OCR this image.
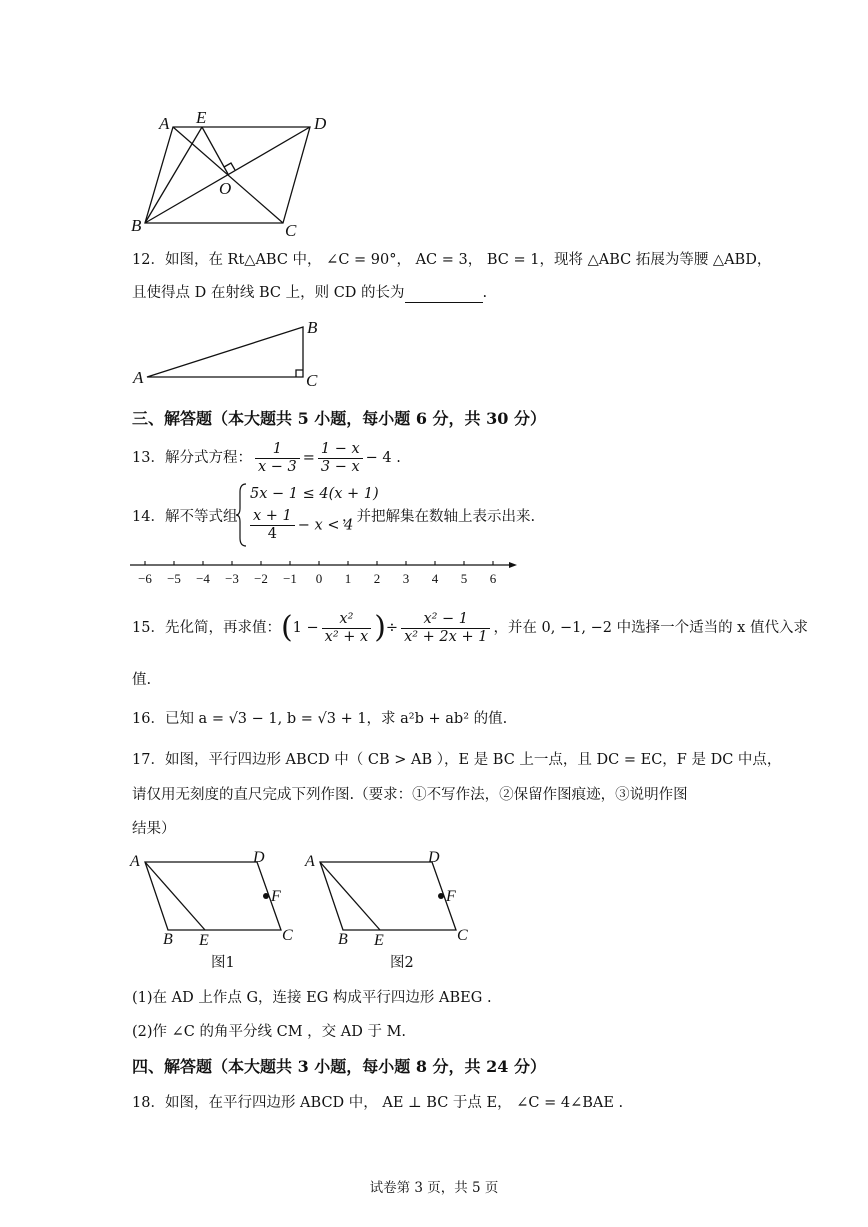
A E	D
O
B	C
12．如图，在 Rt△ABC 中， ∠C = 90°， AC = 3， BC = 1，现将 △ABC 拓展为等腰 △ABD，
且使得点 D 在射线 BC 上，则 CD 的长为	.
A
B
C
三、解答题（本大题共 5 小题，每小题 6 分，共 30 分）
13．解分式方程： $\frac{1}{x - 3} = \frac{1 - x}{3 - x} - 4$ .
14．解不等式组
5x − 1 ≤ 4(x + 1)
$\frac{x + 1}{4} - x < 4$
，并把解集在数轴上表示出来.
−6 −5 −4 −3 −2 −1 0 1 2 3 4 5 6
15．先化简，再求值：($1 - \frac{\text{x²}}{\text{x² + x}}$ )÷ $\frac{\text{x² − 1}}{\text{x² + 2x + 1}}$ ，并在 0, −1, −2 中选择一个适当的 x 值代入求
值.
16．已知 a = √3 − 1, b = √3 + 1，求 a²b + ab² 的值.
17．如图，平行四边形 ABCD 中（ CB > AB ），E 是 BC 上一点，且 DC = EC，F 是 DC 中点，
请仅用无刻度的直尺完成下列作图.（要求：①不写作法，②保留作图痕迹，③说明作图
结果）
A	D
F
B E	C
图1
A	D
F
B E	C
图2
(1)在 AD 上作点 G，连接 EG 构成平行四边形 ABEG .
(2)作 ∠C 的角平分线 CM ，交 AD 于 M.
四、解答题（本大题共 3 小题，每小题 8 分，共 24 分）
18．如图，在平行四边形 ABCD 中， AE ⊥ BC 于点 E， ∠C = 4∠BAE .
试卷第 3 页，共 5 页
